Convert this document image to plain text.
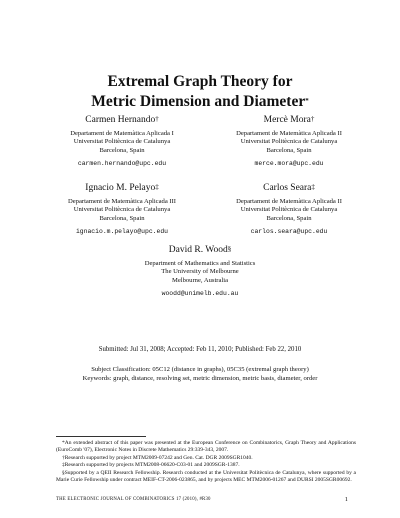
Extremal Graph Theory for
Metric Dimension and Diameter*
Carmen Hernando†
Departament de Matemàtica Aplicada I
Universitat Politècnica de Catalunya
Barcelona, Spain
carmen.hernando@upc.edu
Mercè Mora†
Departament de Matemàtica Aplicada II
Universitat Politècnica de Catalunya
Barcelona, Spain
merce.mora@upc.edu
Ignacio M. Pelayo‡
Departament de Matemàtica Aplicada III
Universitat Politècnica de Catalunya
Barcelona, Spain
ignacio.m.pelayo@upc.edu
Carlos Seara‡
Departament de Matemàtica Aplicada II
Universitat Politècnica de Catalunya
Barcelona, Spain
carlos.seara@upc.edu
David R. Wood§
Department of Mathematics and Statistics
The University of Melbourne
Melbourne, Australia
woodd@unimelb.edu.au
Submitted: Jul 31, 2008; Accepted: Feb 11, 2010; Published: Feb 22, 2010
Subject Classification: 05C12 (distance in graphs), 05C35 (extremal graph theory)
Keywords: graph, distance, resolving set, metric dimension, metric basis, diameter, order

*An extended abstract of this paper was presented at the European Conference on Combinatorics, Graph Theory and Applications (EuroComb '07), Electronic Notes in Discrete Mathematics 29:339-343, 2007.

†Research supported by project MTM2009-07242 and Gen. Cat. DGR 2009SGR1040.

‡Research supported by projects MTM2008-06620-C03-01 and 2009SGR-1387.

§Supported by a QEII Research Fellowship. Research conducted at the Universitat Politècnica de Catalunya, where supported by a Marie Curie Fellowship under contract MEIF-CT-2006-023865, and by projects MEC MTM2006-01267 and DURSI 2005SGR00692.

THE ELECTRONIC JOURNAL OF COMBINATORICS 17 (2010), #R30	1
